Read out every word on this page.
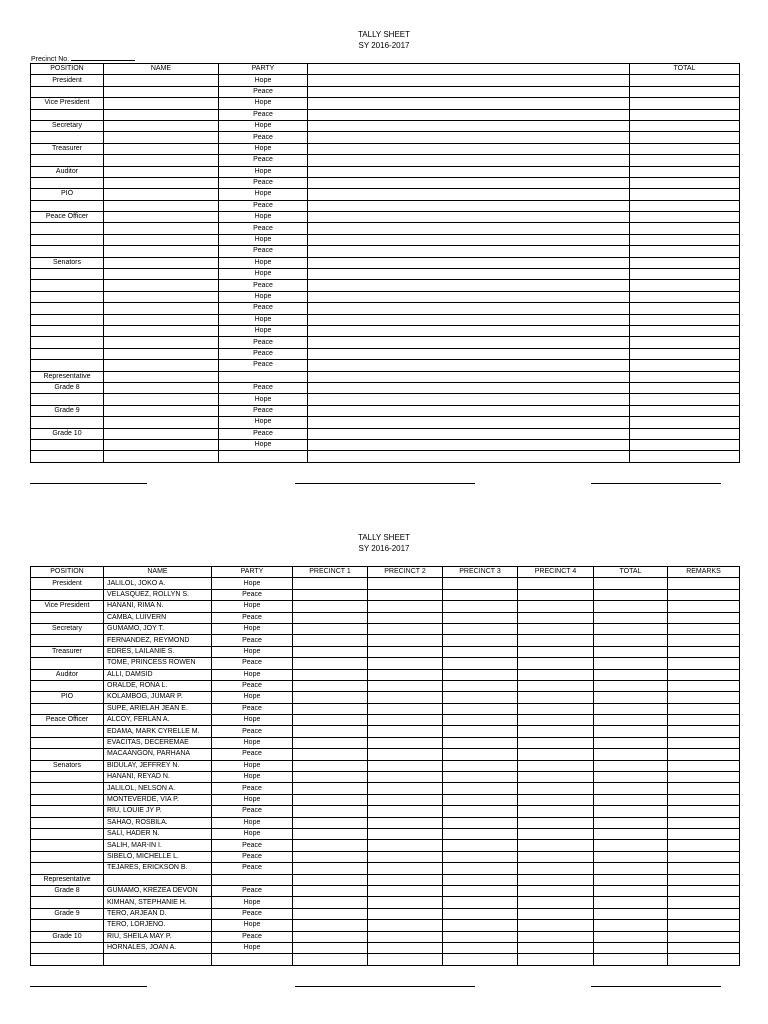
TALLY SHEET
SY 2016-2017
Precinct No.
POSITION	NAME	PARTY		TOTAL
President		Hope		
		Peace		
Vice President		Hope		
		Peace		
Secretary		Hope		
		Peace		
Treasurer		Hope		
		Peace		
Auditor		Hope		
		Peace		
PIO		Hope		
		Peace		
Peace Officer		Hope		
		Peace		
		Hope		
		Peace		
Senators		Hope		
		Hope		
		Peace		
		Hope		
		Peace		
		Hope		
		Hope		
		Peace		
		Peace		
		Peace		
Representative				
Grade 8		Peace		
		Hope		
Grade 9		Peace		
		Hope		
Grade 10		Peace		
		Hope		

TALLY SHEET
SY 2016-2017
POSITION	NAME	PARTY	PRECINCT 1	PRECINCT 2	PRECINCT 3	PRECINCT 4	TOTAL	REMARKS
President	JALILOL, JOKO A.	Hope						
	VELASQUEZ, ROLLYN S.	Peace						
Vice President	HANANI, RIMA N.	Hope						
	CAMBA, LUIVERN	Peace						
Secretary	GUMAMO, JOY T.	Hope						
	FERNANDEZ, REYMOND	Peace						
Treasurer	EDRES, LAILANIE S.	Hope						
	TOME, PRINCESS ROWEN	Peace						
Auditor	ALLI, DAMSID	Hope						
	ORALDE, RONA L.	Peace						
PIO	KOLAMBOG, JUMAR P.	Hope						
	SUPE, ARIELAH JEAN E.	Peace						
Peace Officer	ALCOY, FERLAN A.	Hope						
	EDAMA, MARK CYRELLE M.	Peace						
	EVACITAS, DECEREMAE	Hope						
	MACAANGON, PARHANA	Peace						
Senators	BIDULAY, JEFFREY N.	Hope						
	HANANI, REYAD N.	Hope						
	JALILOL, NELSON A.	Peace						
	MONTEVERDE, VIA P.	Hope						
	RIU, LOUIE JY P.	Peace						
	SAHAO, ROSBILA.	Hope						
	SALI, HADER N.	Hope						
	SALIH, MAR-IN I.	Peace						
	SIBELO, MICHELLE L.	Peace						
	TEJARES, ERICKSON B.	Peace						
Representative								
Grade 8	GUMAMO, KREZEA DEVON	Peace						
	KIMHAN, STEPHANIE H.	Hope						
Grade 9	TERO, ARJEAN D.	Peace						
	TERO, LORJENO.	Hope						
Grade 10	RIU, SHEILA MAY P.	Peace						
	HORNALES, JOAN A.	Hope						
